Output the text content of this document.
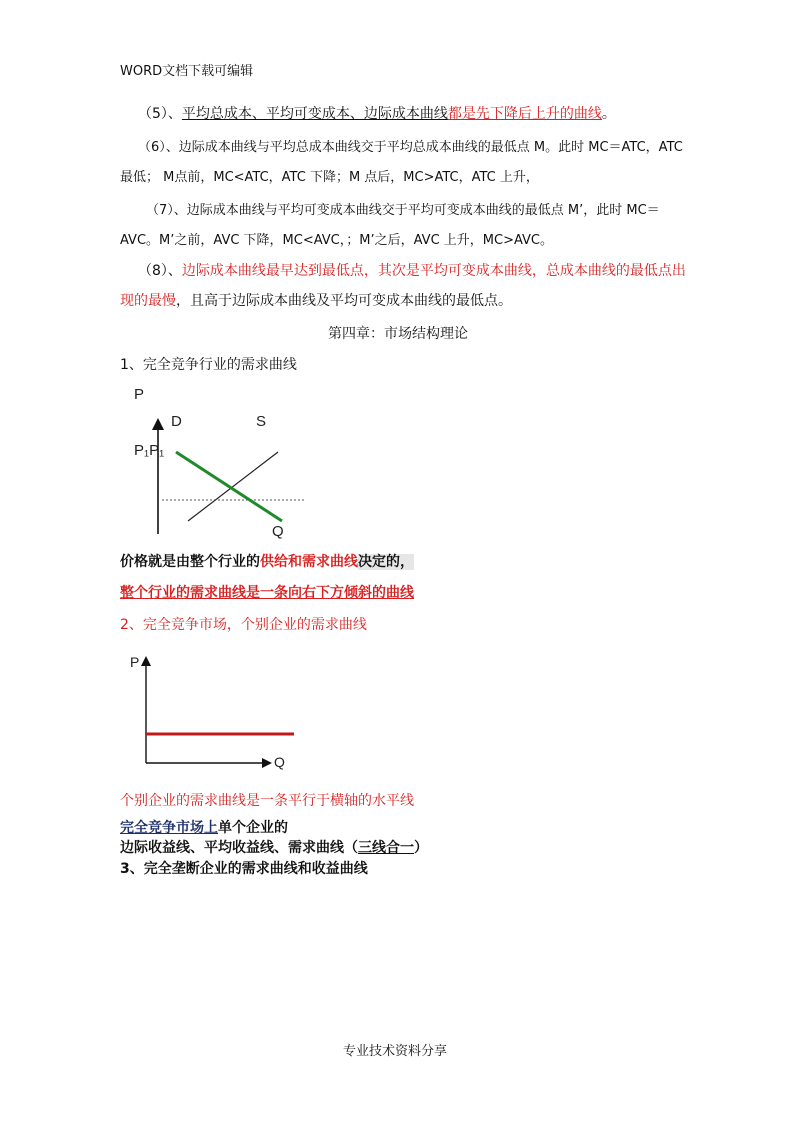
WORD文档下载可编辑
（5）、平均总成本、平均可变成本、边际成本曲线都是先下降后上升的曲线。
（6）、边际成本曲线与平均总成本曲线交于平均总成本曲线的最低点 M。此时 MC＝ATC，ATC
最低； M点前，MC<ATC，ATC 下降；M 点后，MC>ATC，ATC 上升，
（7）、边际成本曲线与平均可变成本曲线交于平均可变成本曲线的最低点 M’，此时 MC＝
AVC。M’之前，AVC 下降，MC<AVC，；M’之后，AVC 上升，MC>AVC。
（8）、边际成本曲线最早达到最低点，其次是平均可变成本曲线，总成本曲线的最低点出
现的最慢，且高于边际成本曲线及平均可变成本曲线的最低点。
第四章：市场结构理论
1、完全竞争行业的需求曲线
P
D	S
P₁P₁
Q
价格就是由整个行业的供给和需求曲线决定的，
整个行业的需求曲线是一条向右下方倾斜的曲线
2、完全竞争市场，个别企业的需求曲线
P
Q
个别企业的需求曲线是一条平行于横轴的水平线
完全竞争市场上单个企业的
边际收益线、平均收益线、需求曲线（三线合一）
3、完全垄断企业的需求曲线和收益曲线
专业技术资料分享
